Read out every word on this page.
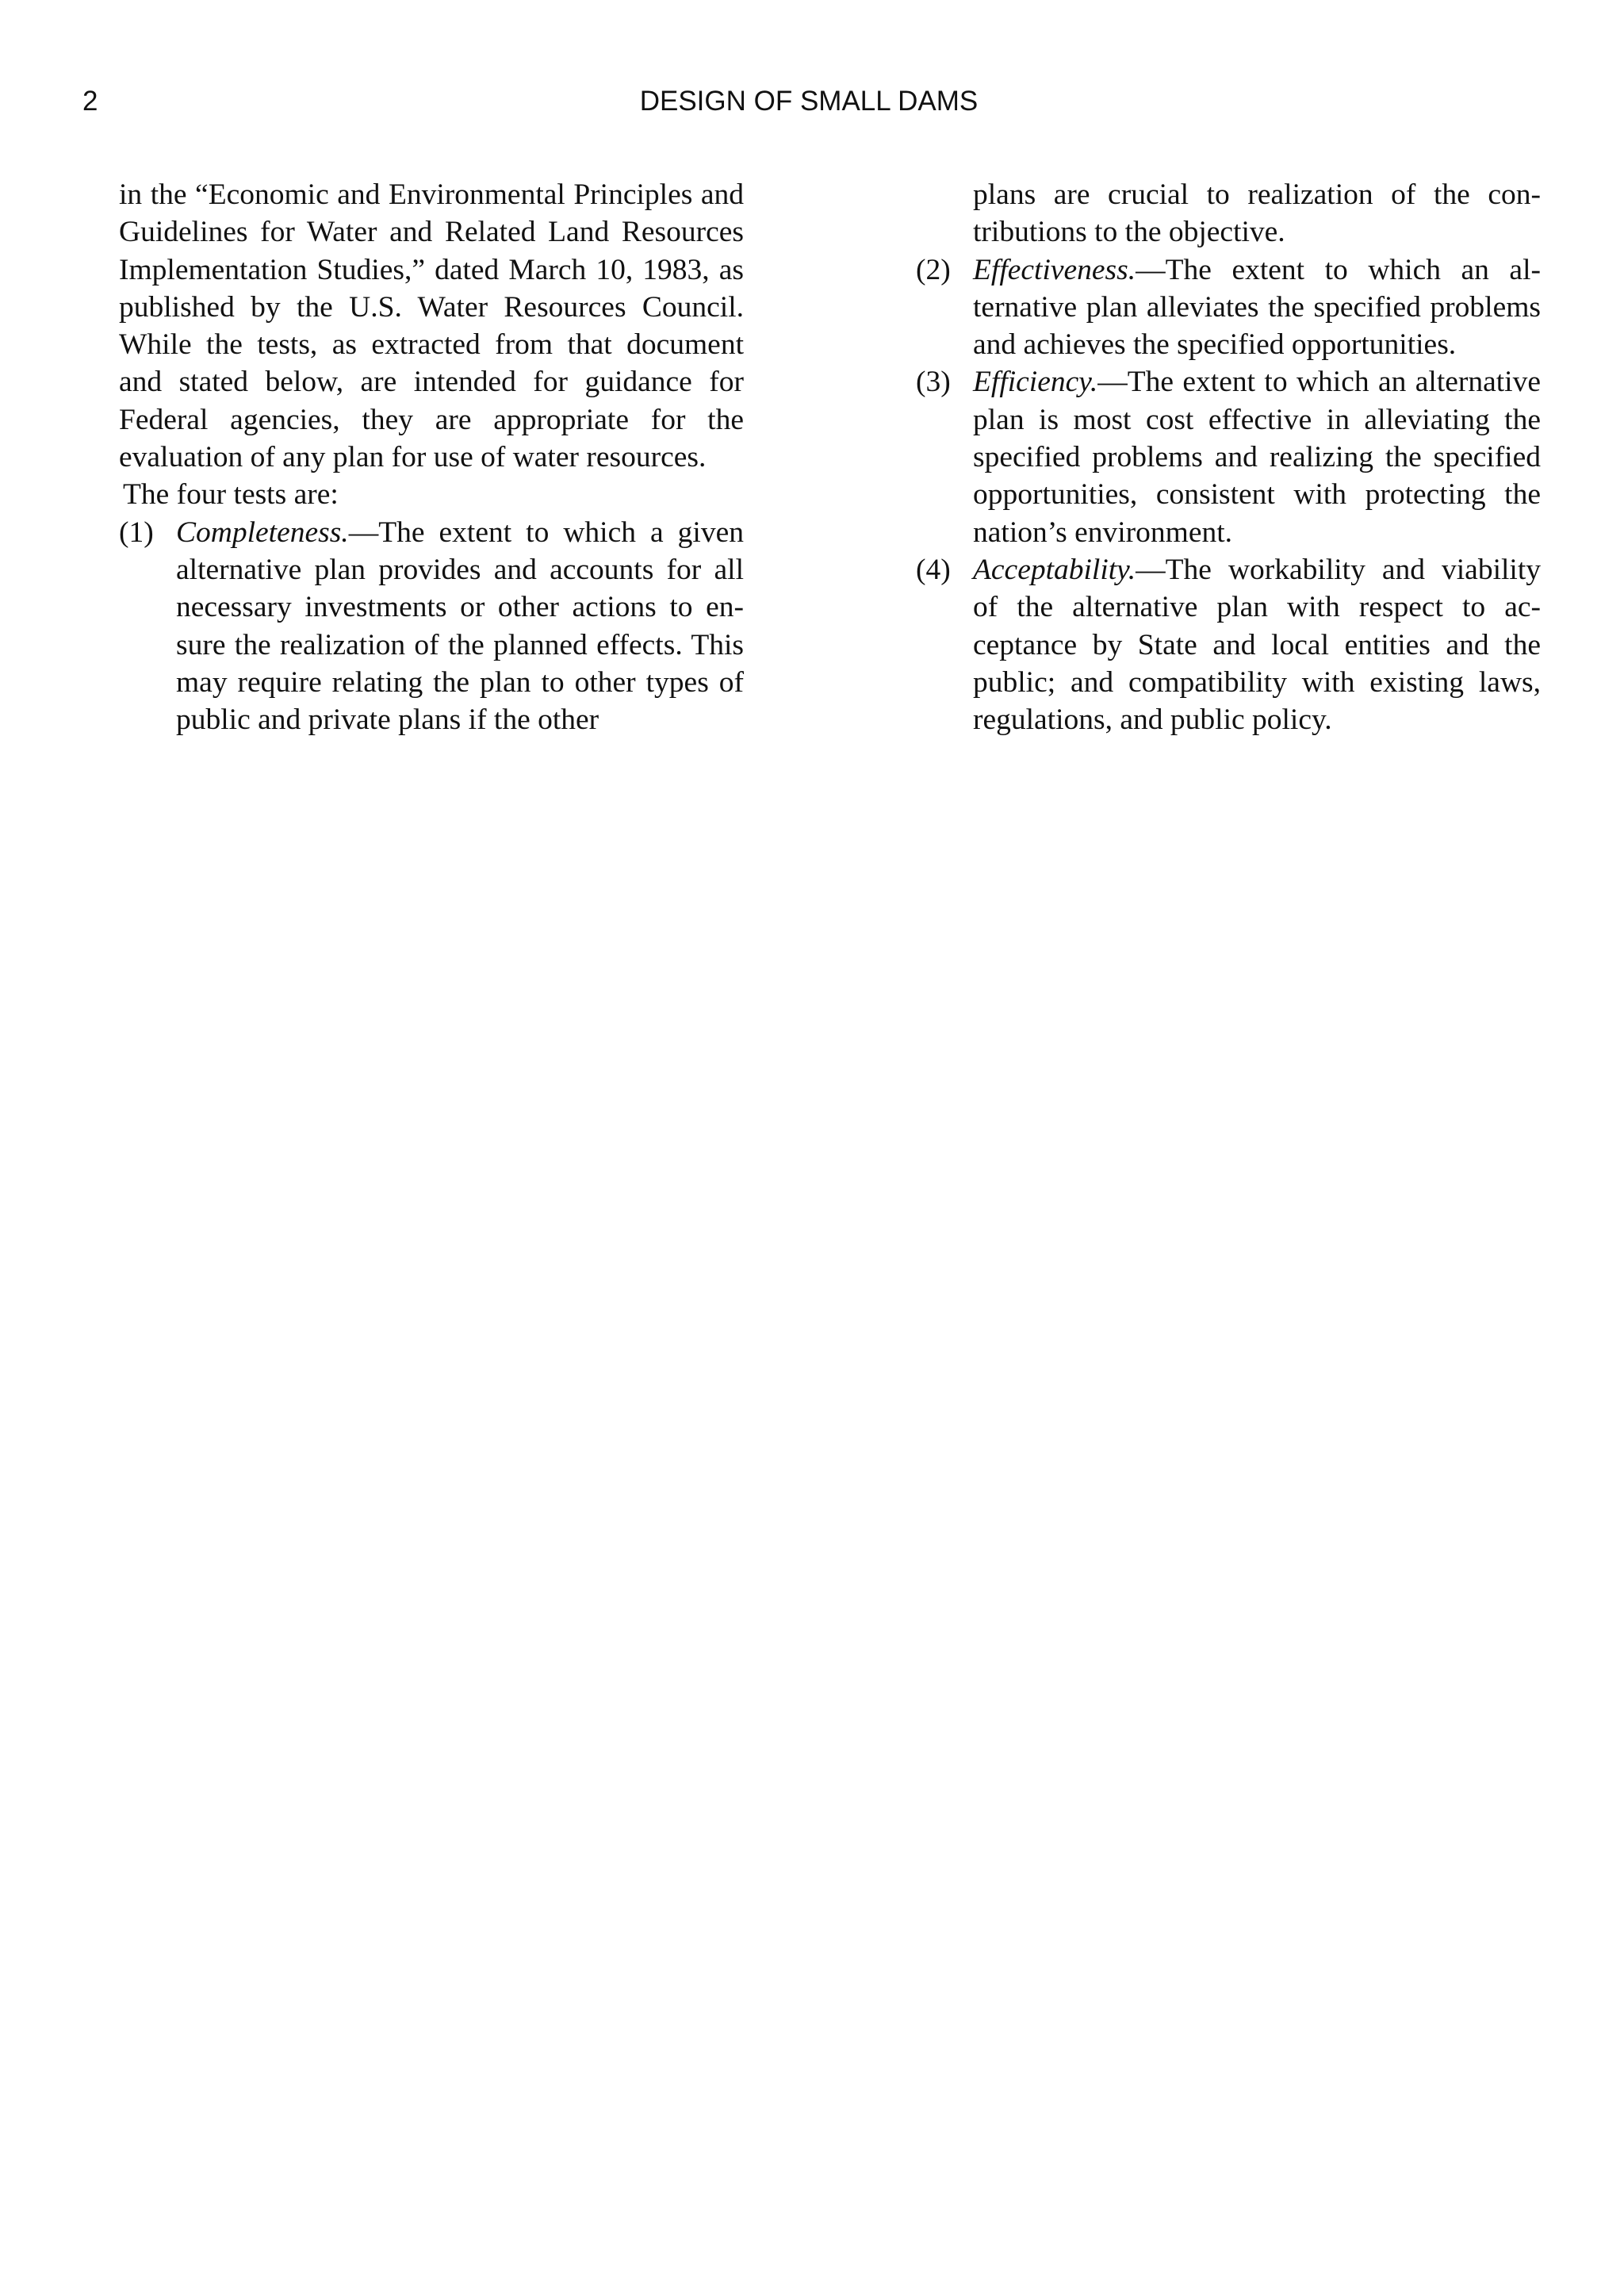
2	DESIGN OF SMALL DAMS

in the “Economic and Environmental Principles and Guidelines for Water and Related Land Resources Implementation Studies,” dated March 10, 1983, as published by the U.S. Water Resources Council. While the tests, as extracted from that document and stated below, are intended for guidance for Federal agencies, they are appropriate for the evaluation of any plan for use of water resources.

The four tests are:

(1) Completeness.—The extent to which a given alternative plan provides and accounts for all necessary investments or other actions to ensure the realization of the planned effects. This may require relating the plan to other types of public and private plans if the other
plans are crucial to realization of the contributions to the objective.
(2) Effectiveness.—The extent to which an alternative plan alleviates the specified problems and achieves the specified opportunities.
(3) Efficiency.—The extent to which an alternative plan is most cost effective in alleviating the specified problems and realizing the specified opportunities, consistent with protecting the nation’s environment.
(4) Acceptability.—The workability and viability of the alternative plan with respect to acceptance by State and local entities and the public; and compatibility with existing laws, regulations, and public policy.
